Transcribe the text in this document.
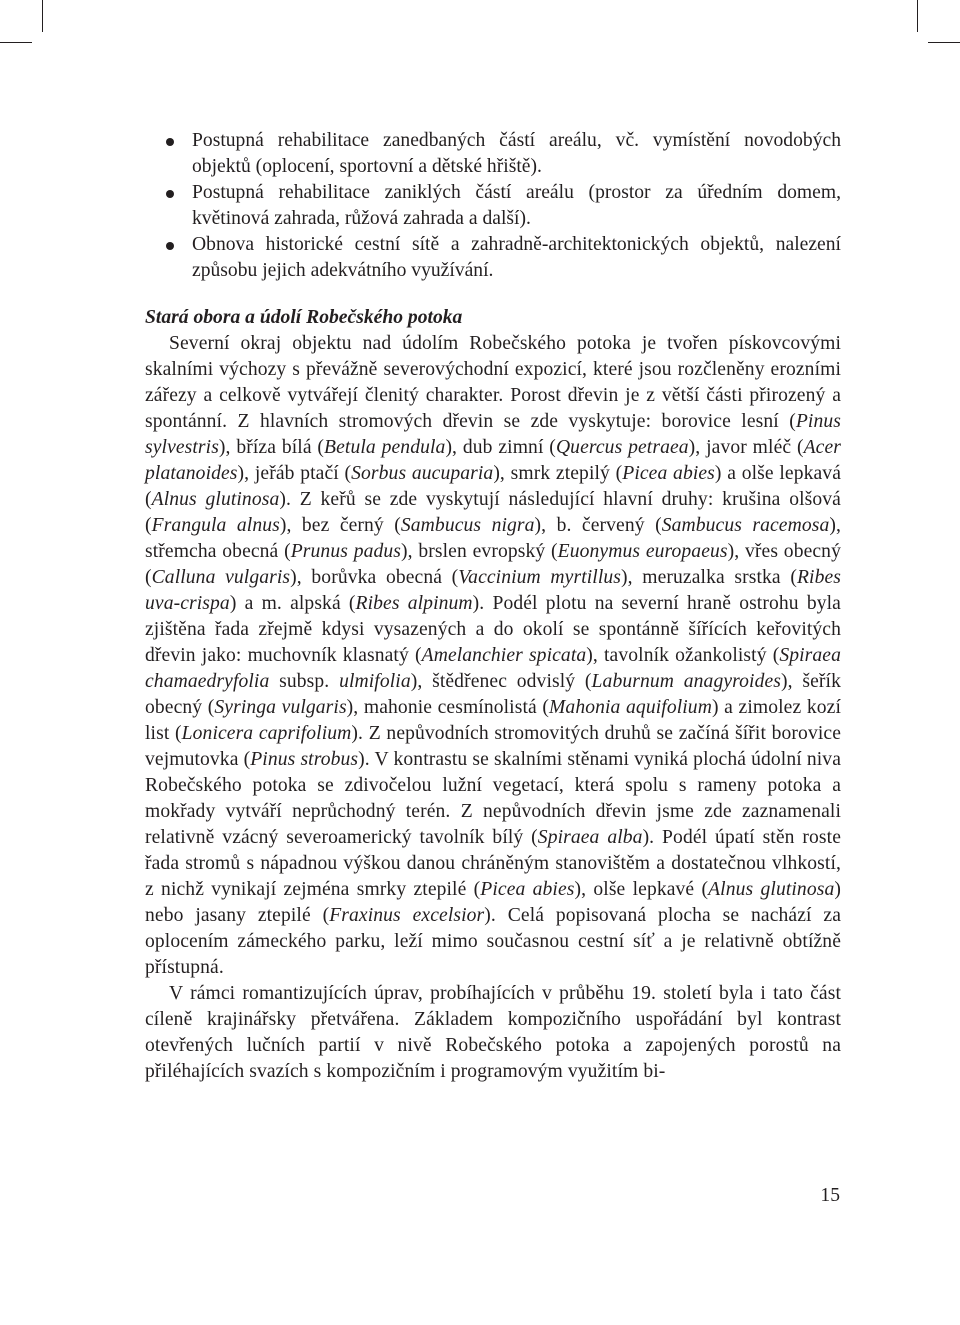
Postupná rehabilitace zanedbaných částí areálu, vč. vymístění novodobých objektů (oplocení, sportovní a dětské hřiště).
Postupná rehabilitace zaniklých částí areálu (prostor za úředním domem, květinová zahrada, růžová zahrada a další).
Obnova historické cestní sítě a zahradně-architektonických objektů, nalezení způsobu jejich adekvátního využívání.
Stará obora a údolí Robečského potoka

Severní okraj objektu nad údolím Robečského potoka je tvořen pískovcovými skalními výchozy s převážně severovýchodní expozicí, které jsou rozčleněny erozními zářezy a celkově vytvářejí členitý charakter. Porost dřevin je z větší části přirozený a spontánní. Z hlavních stromových dřevin se zde vyskytuje: borovice lesní (Pinus sylvestris), bříza bílá (Betula pendula), dub zimní (Quercus petraea), javor mléč (Acer platanoides), jeřáb ptačí (Sorbus aucuparia), smrk ztepilý (Picea abies) a olše lepkavá (Alnus glutinosa). Z keřů se zde vyskytují následující hlavní druhy: krušina olšová (Frangula alnus), bez černý (Sambucus nigra), b. červený (Sambucus racemosa), střemcha obecná (Prunus padus), brslen evropský (Euonymus europaeus), vřes obecný (Calluna vulgaris), borůvka obecná (Vaccinium myrtillus), meruzalka srstka (Ribes uva-crispa) a m. alpská (Ribes alpinum). Podél plotu na severní hraně ostrohu byla zjištěna řada zřejmě kdysi vysazených a do okolí se spontánně šířících keřovitých dřevin jako: muchovník klasnatý (Amelanchier spicata), tavolník ožankolistý (Spiraea chamaedryfolia subsp. ulmifolia), štědřenec odvislý (Laburnum anagyroides), šeřík obecný (Syringa vulgaris), mahonie cesmínolistá (Mahonia aquifolium) a zimolez kozí list (Lonicera caprifolium). Z nepůvodních stromovitých druhů se začíná šířit borovice vejmutovka (Pinus strobus). V kontrastu se skalními stěnami vyniká plochá údolní niva Robečského potoka se zdivočelou lužní vegetací, která spolu s rameny potoka a mokřady vytváří neprůchodný terén. Z nepůvodních dřevin jsme zde zaznamenali relativně vzácný severoamerický tavolník bílý (Spiraea alba). Podél úpatí stěn roste řada stromů s nápadnou výškou danou chráněným stanovištěm a dostatečnou vlhkostí, z nichž vynikají zejména smrky ztepilé (Picea abies), olše lepkavé (Alnus glutinosa) nebo jasany ztepilé (Fraxinus excelsior). Celá popisovaná plocha se nachází za oplocením zámeckého parku, leží mimo současnou cestní síť a je relativně obtížně přístupná.

V rámci romantizujících úprav, probíhajících v průběhu 19. století byla i tato část cíleně krajinářsky přetvářena. Základem kompozičního uspořádání byl kontrast otevřených lučních partií v nivě Robečského potoka a zapojených porostů na přiléhajících svazích s kompozičním i programovým využitím bi-

15
